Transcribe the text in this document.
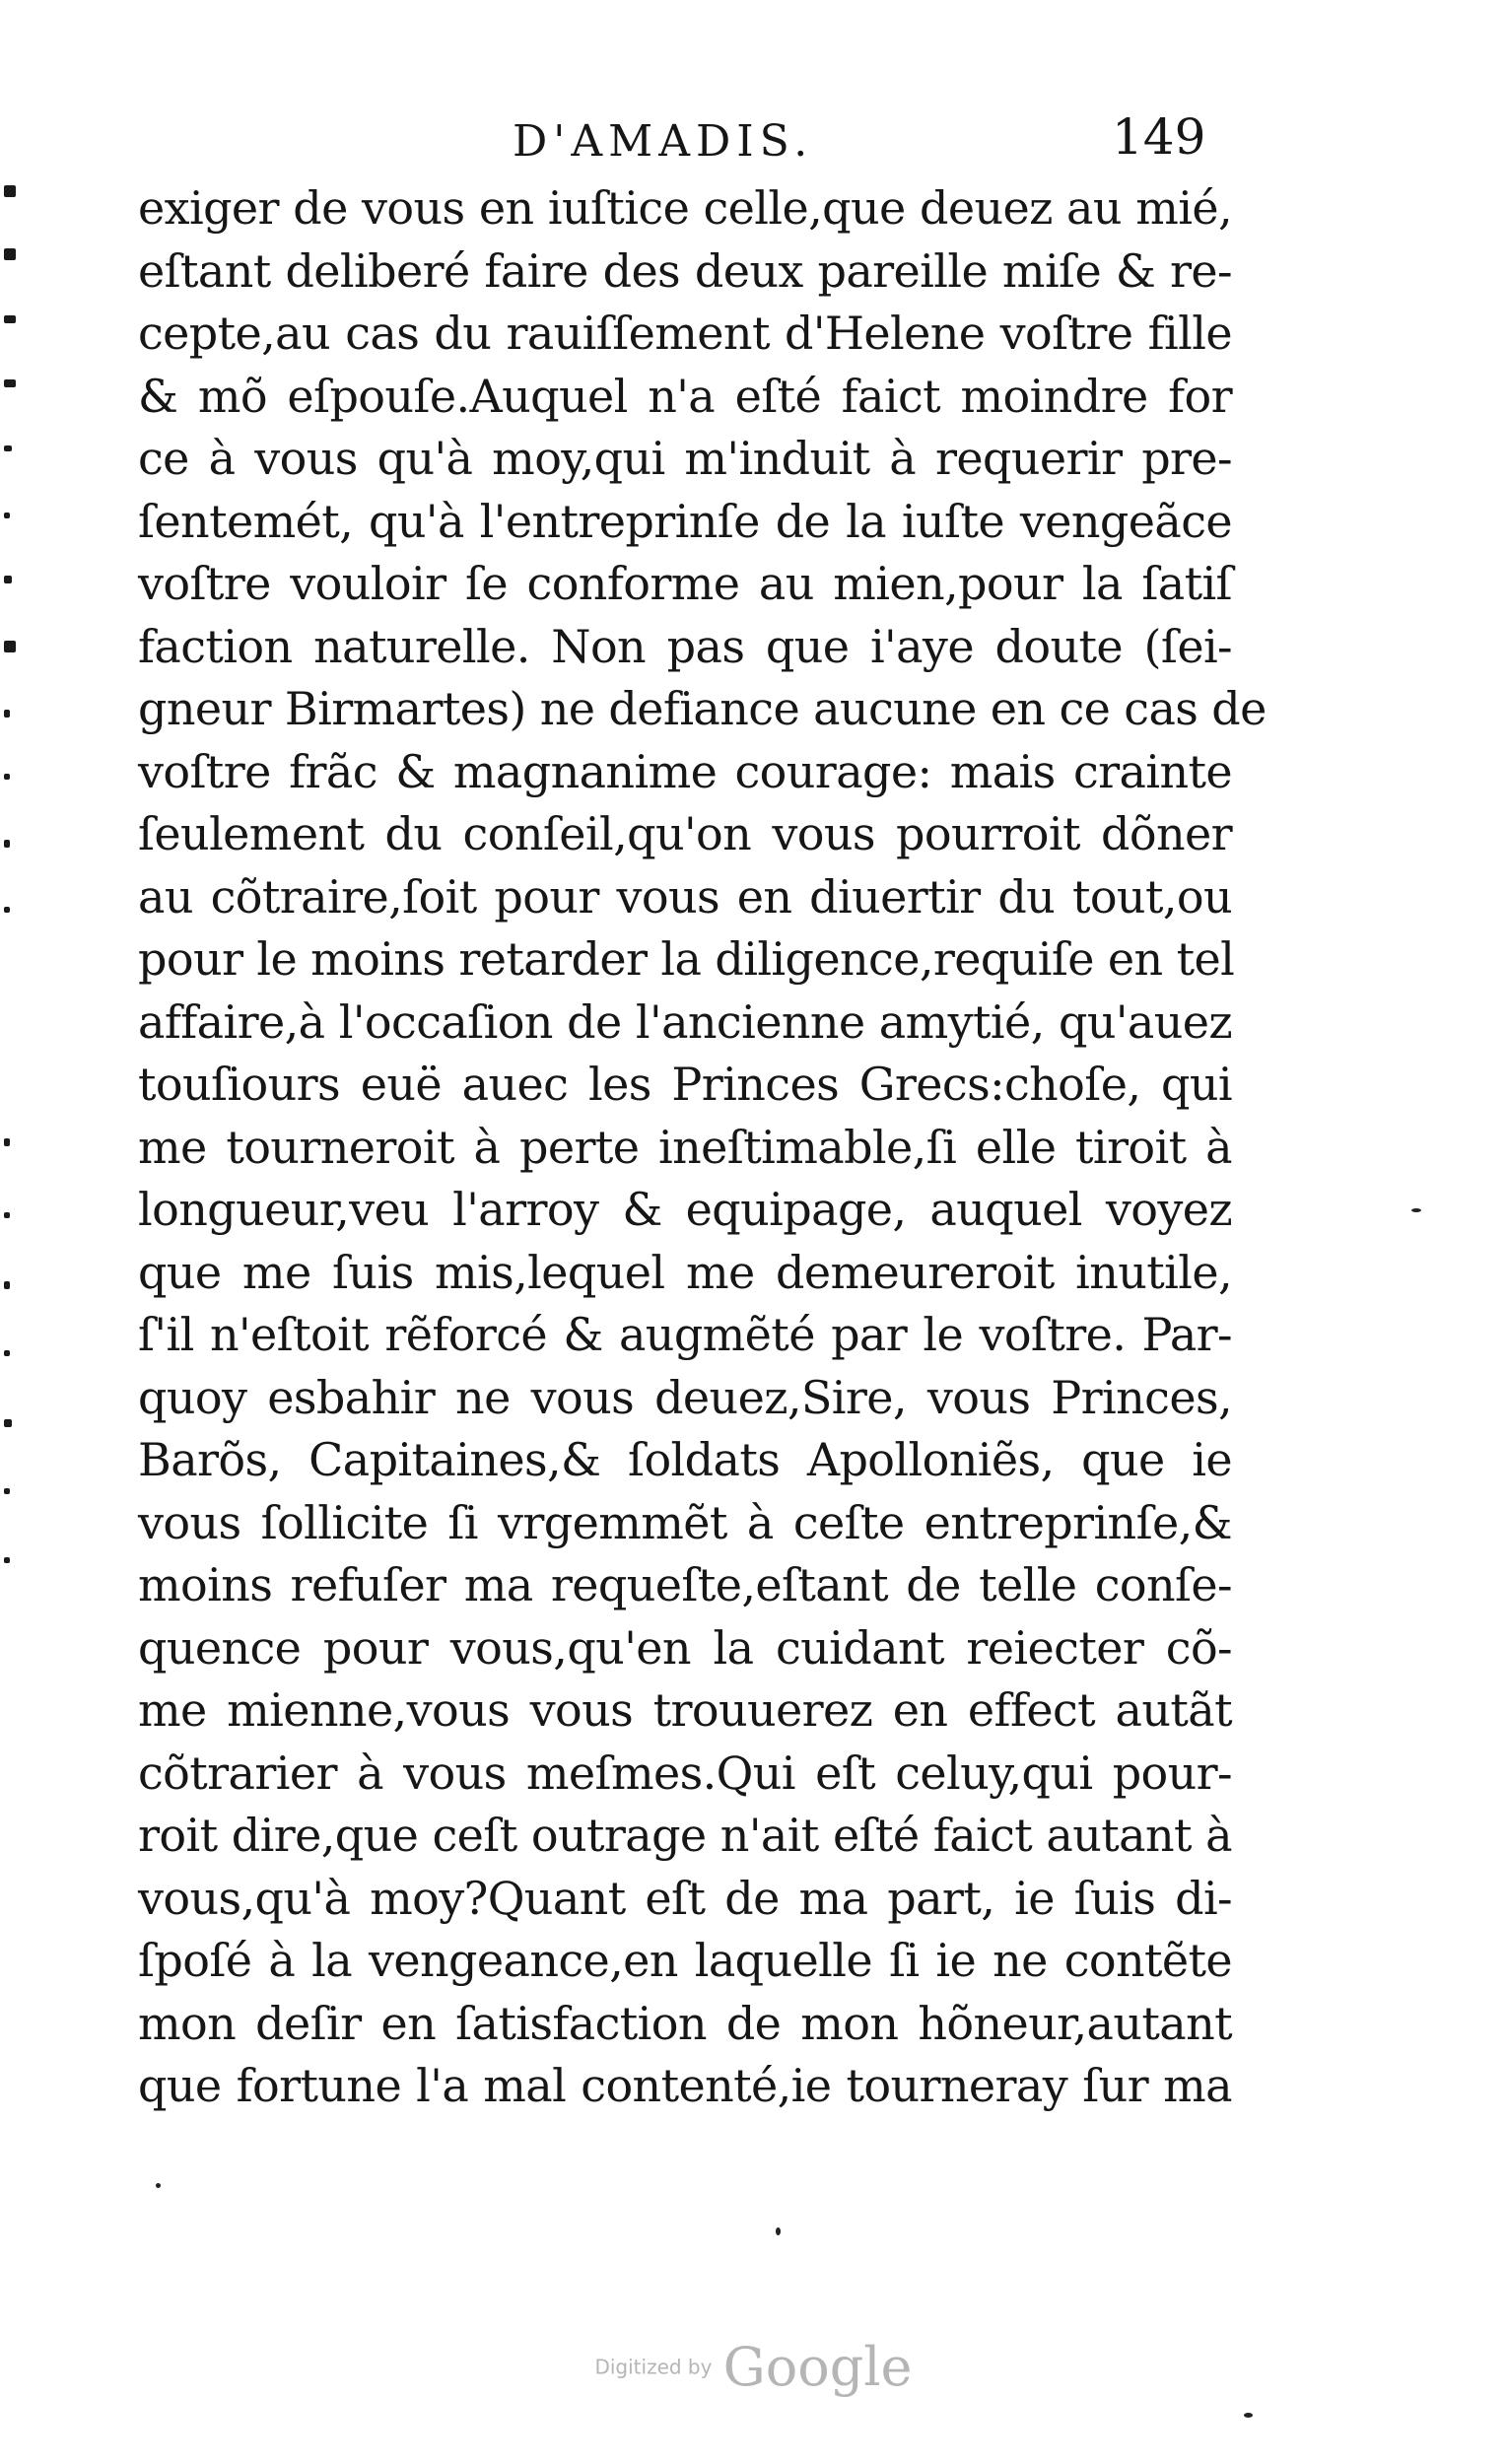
D'AMADIS.	149
exiger de vous en iuſtice celle,que deuez au mié,
eſtant deliberé faire des deux pareille miſe & re-
cepte,au cas du rauiſſement d'Helene voſtre fille
& mõ eſpouſe.Auquel n'a eſté faict moindre for
ce à vous qu'à moy,qui m'induit à requerir pre-
ſentemét, qu'à l'entreprinſe de la iuſte vengeãce
voſtre vouloir ſe conforme au mien,pour la ſatiſ
faction naturelle. Non pas que i'aye doute (ſei-
gneur Birmartes) ne defiance aucune en ce cas de
voſtre frãc & magnanime courage: mais crainte
ſeulement du conſeil,qu'on vous pourroit dõner
au cõtraire,ſoit pour vous en diuertir du tout,ou
pour le moins retarder la diligence,requiſe en tel
affaire,à l'occaſion de l'ancienne amytié, qu'auez
touſiours euë auec les Princes Grecs:choſe, qui
me tourneroit à perte ineſtimable,ſi elle tiroit à
longueur,veu l'arroy & equipage, auquel voyez
que me ſuis mis,lequel me demeureroit inutile,
ſ'il n'eſtoit rẽforcé & augmẽté par le voſtre. Par-
quoy esbahir ne vous deuez,Sire, vous Princes,
Barõs, Capitaines,& ſoldats Apolloniẽs, que ie
vous ſollicite ſi vrgemmẽt à ceſte entreprinſe,&
moins refuſer ma requeſte,eſtant de telle conſe-
quence pour vous,qu'en la cuidant reiecter cõ-
me mienne,vous vous trouuerez en effect autãt
cõtrarier à vous meſmes.Qui eſt celuy,qui pour-
roit dire,que ceſt outrage n'ait eſté faict autant à
vous,qu'à moy?Quant eſt de ma part, ie ſuis di-
ſpoſé à la vengeance,en laquelle ſi ie ne contẽte
mon deſir en ſatisfaction de mon hõneur,autant
que fortune l'a mal contenté,ie tourneray ſur ma
Digitized by Google
